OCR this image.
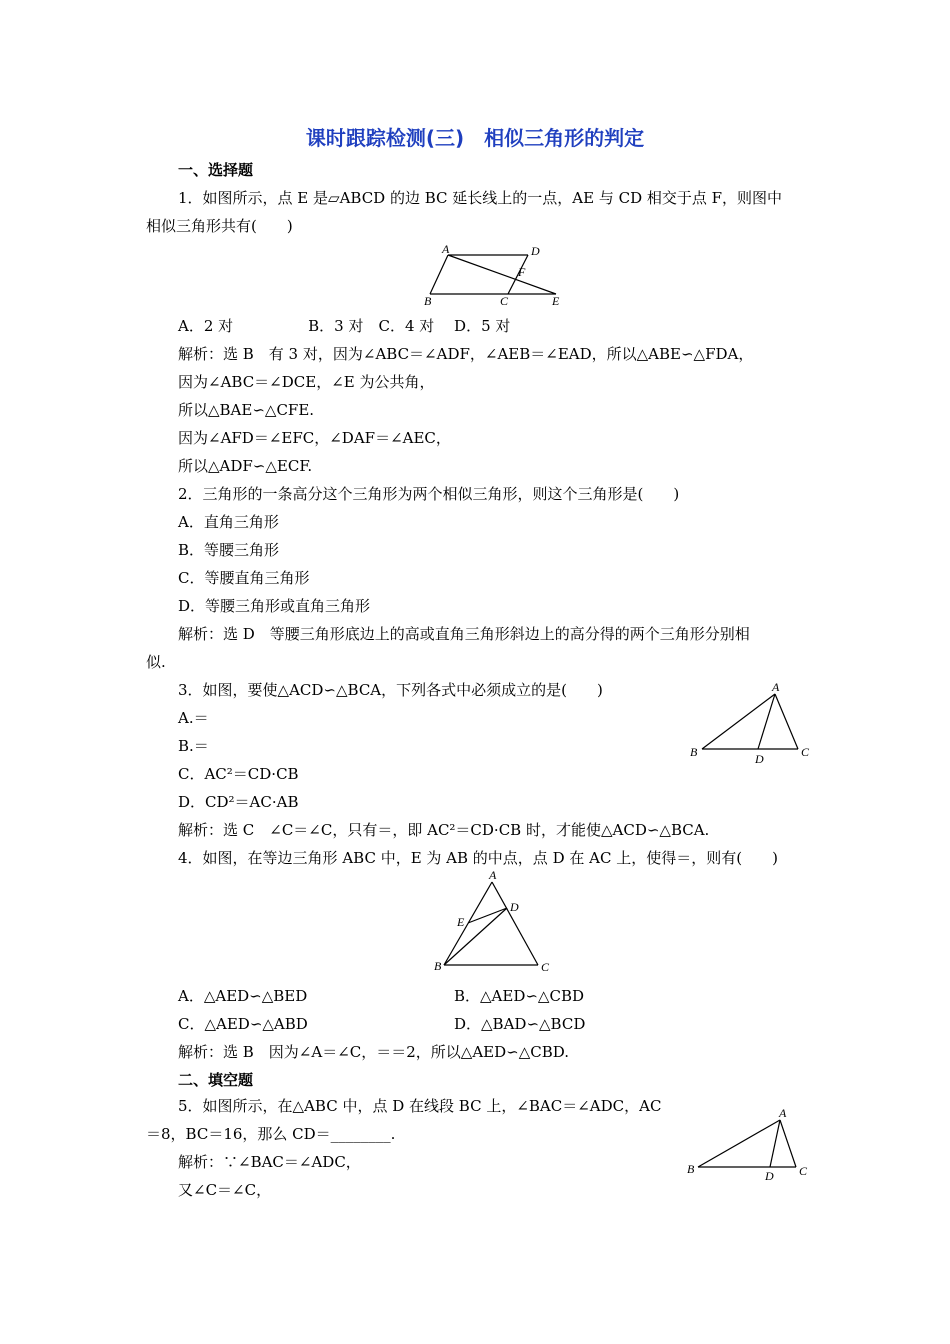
课时跟踪检测(三)　相似三角形的判定
一、选择题
1．如图所示，点 E 是▱ABCD 的边 BC 延长线上的一点，AE 与 CD 相交于点 F，则图中
相似三角形共有(　　)
A	D
F
B	C	E
A．2 对　　　　　B．3 对　C．4 对　 D．5 对
解析：选 B　有 3 对，因为∠ABC＝∠ADF，∠AEB＝∠EAD，所以△ABE∽△FDA，
因为∠ABC＝∠DCE，∠E 为公共角，
所以△BAE∽△CFE.
因为∠AFD＝∠EFC，∠DAF＝∠AEC，
所以△ADF∽△ECF.
2．三角形的一条高分这个三角形为两个相似三角形，则这个三角形是(　　)
A．直角三角形
B．等腰三角形
C．等腰直角三角形
D．等腰三角形或直角三角形
解析：选 D　等腰三角形底边上的高或直角三角形斜边上的高分得的两个三角形分别相
似.
3．如图，要使△ACD∽△BCA，下列各式中必须成立的是(　　)
A.＝
B.＝
C．AC²＝CD·CB
D．CD²＝AC·AB
A
B	D	C
解析：选 C　∠C＝∠C，只有＝，即 AC²＝CD·CB 时，才能使△ACD∽△BCA.
4．如图，在等边三角形 ABC 中，E 为 AB 的中点，点 D 在 AC 上，使得＝，则有(　　)
A
E
D
B	C
A．△AED∽△BED	B．△AED∽△CBD
C．△AED∽△ABD	D．△BAD∽△BCD
解析：选 B　因为∠A＝∠C，＝＝2，所以△AED∽△CBD.
二、填空题
5．如图所示，在△ABC 中，点 D 在线段 BC 上，∠BAC＝∠ADC，AC
＝8，BC＝16，那么 CD＝________.
解析：∵∠BAC＝∠ADC，
又∠C＝∠C，
A
B	D C
